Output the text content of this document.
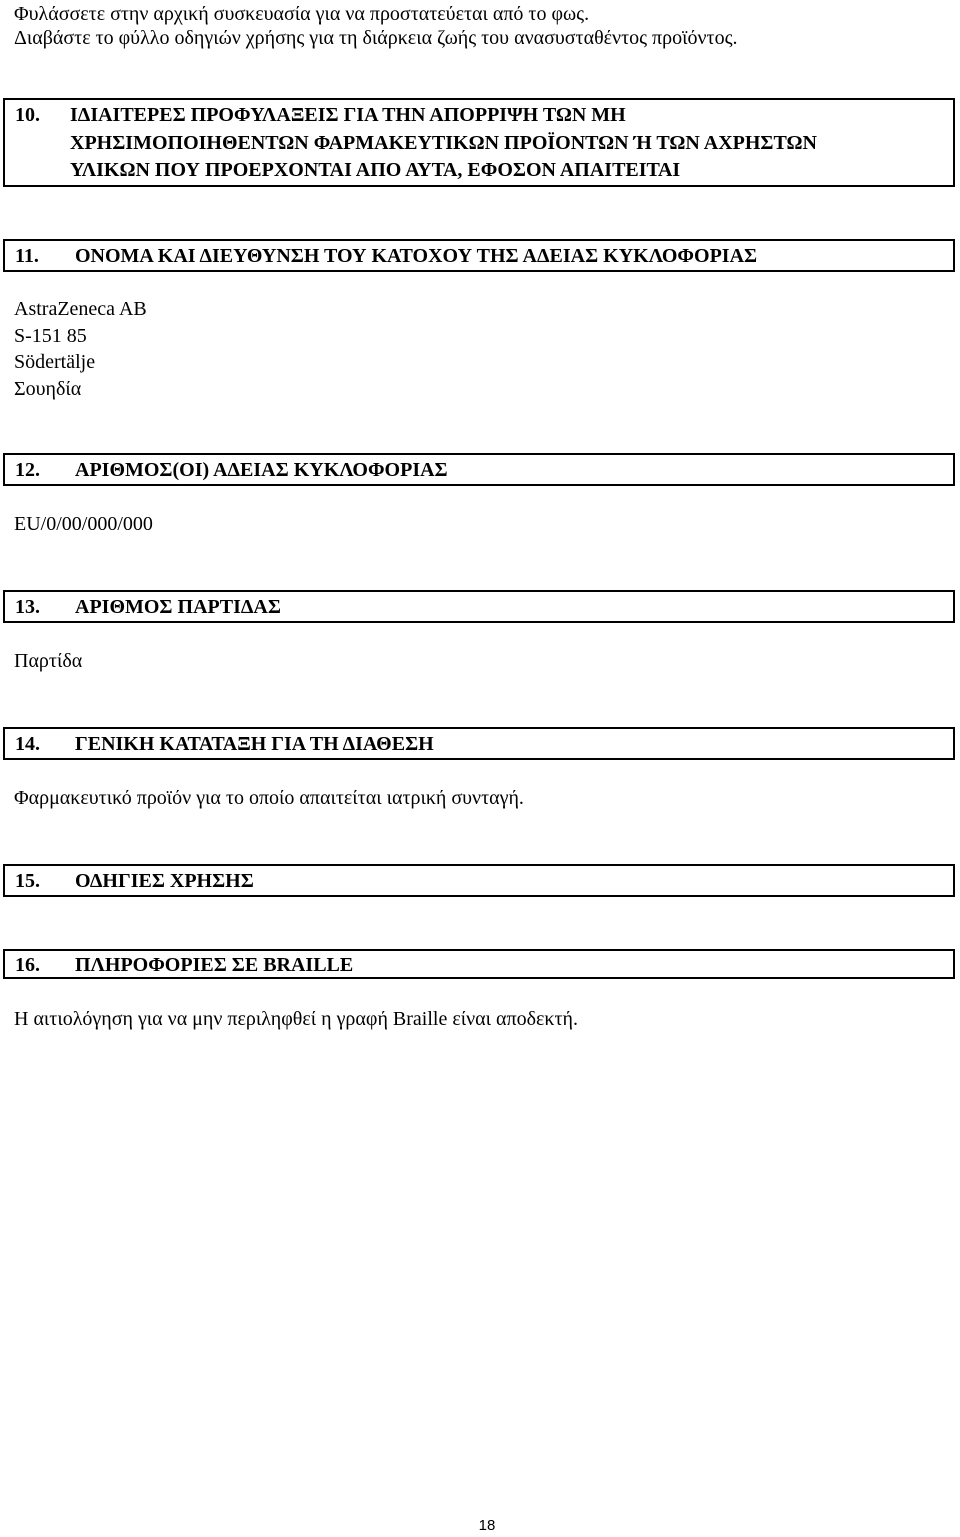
Φυλάσσετε στην αρχική συσκευασία για να προστατεύεται από το φως.
Διαβάστε το φύλλο οδηγιών χρήσης για τη διάρκεια ζωής του ανασυσταθέντος προϊόντος.
10. ΙΔΙΑΙΤΕΡΕΣ ΠΡΟΦΥΛΑΞΕΙΣ ΓΙΑ ΤΗΝ ΑΠΟΡΡΙΨΗ ΤΩΝ ΜΗ
ΧΡΗΣΙΜΟΠΟΙΗΘΕΝΤΩΝ ΦΑΡΜΑΚΕΥΤΙΚΩΝ ΠΡΟΪΟΝΤΩΝ Ή ΤΩΝ ΑΧΡΗΣΤΩΝ
ΥΛΙΚΩΝ ΠΟΥ ΠΡΟΕΡΧΟΝΤΑΙ ΑΠΟ ΑΥΤΑ, ΕΦΟΣΟΝ ΑΠΑΙΤΕΙΤΑΙ
11. ΟΝΟΜΑ ΚΑΙ ΔΙΕΥΘΥΝΣΗ ΤΟΥ ΚΑΤΟΧΟΥ ΤΗΣ ΑΔΕΙΑΣ ΚΥΚΛΟΦΟΡΙΑΣ
AstraZeneca AB
S-151 85
Södertälje
Σουηδία
12. ΑΡΙΘΜΟΣ(ΟΙ) ΑΔΕΙΑΣ ΚΥΚΛΟΦΟΡΙΑΣ
EU/0/00/000/000
13. ΑΡΙΘΜΟΣ ΠΑΡΤΙΔΑΣ
Παρτίδα
14. ΓΕΝΙΚΗ ΚΑΤΑΤΑΞΗ ΓΙΑ ΤΗ ΔΙΑΘΕΣΗ
Φαρμακευτικό προϊόν για το οποίο απαιτείται ιατρική συνταγή.
15. ΟΔΗΓΙΕΣ ΧΡΗΣΗΣ
16. ΠΛΗΡΟΦΟΡΙΕΣ ΣΕ BRAILLE
Η αιτιολόγηση για να μην περιληφθεί η γραφή Braille είναι αποδεκτή.
18
